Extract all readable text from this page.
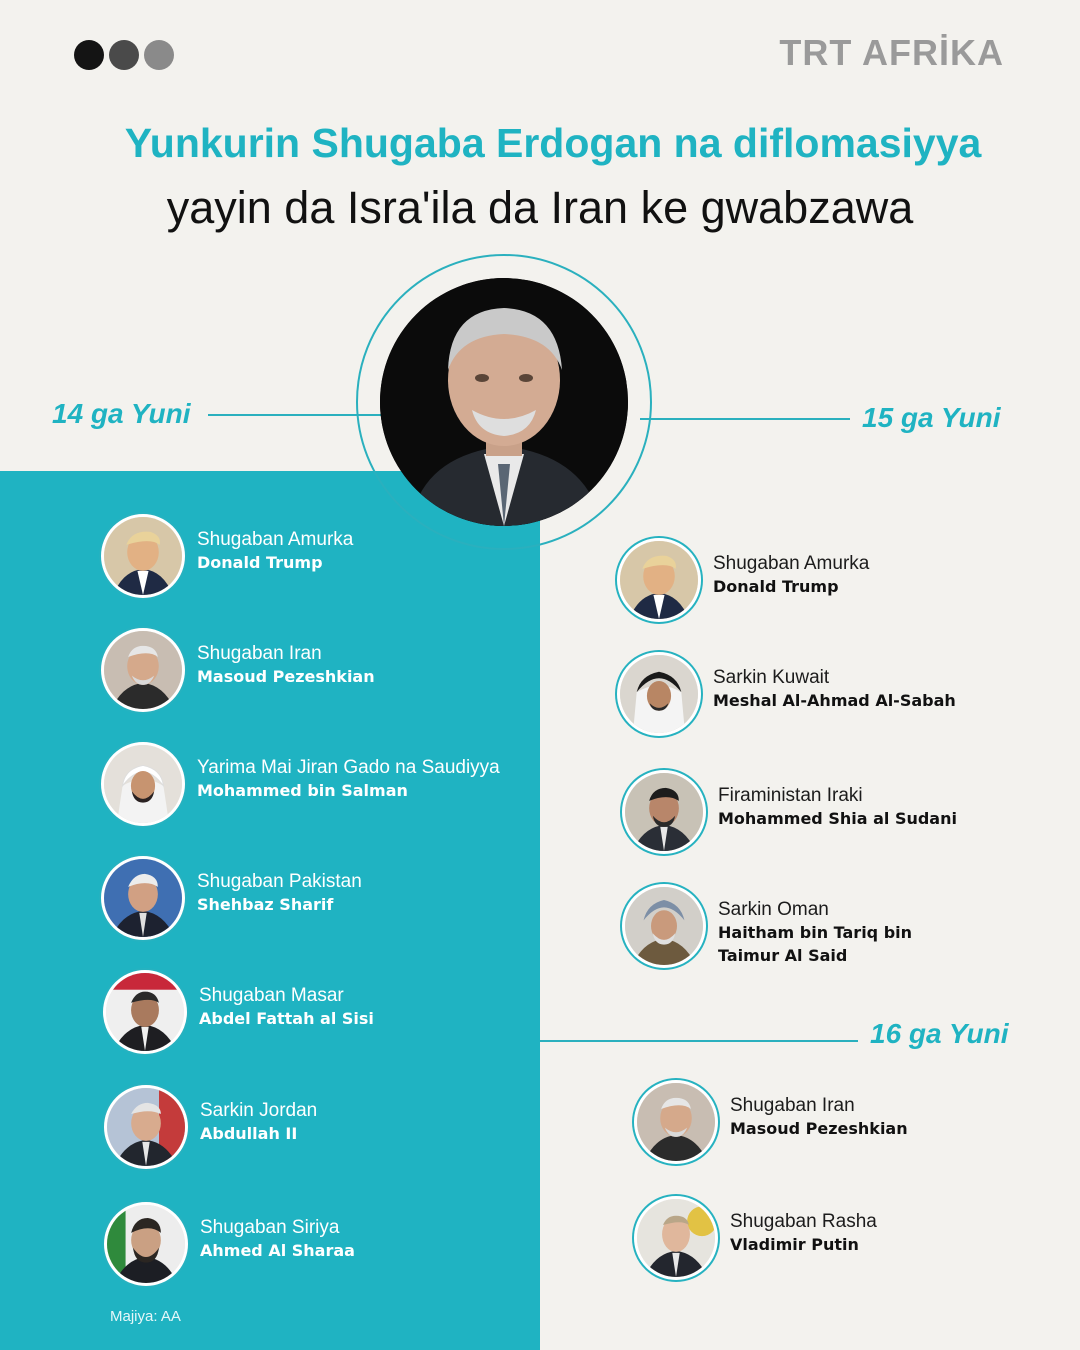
TRT AFRİKA
Yunkurin Shugaba Erdogan na diflomasiyya
yayin da Isra'ila da Iran ke gwabzawa
14 ga Yuni	15 ga Yuni
16 ga Yuni
Shugaban Amurka
Donald Trump
Shugaban Iran
Masoud Pezeshkian
Yarima Mai Jiran Gado na Saudiyya
Mohammed bin Salman
Shugaban Pakistan
Shehbaz Sharif
Shugaban Masar
Abdel Fattah al Sisi
Sarkin Jordan
Abdullah II
Shugaban Siriya
Ahmed Al Sharaa
Majiya: AA
Shugaban Amurka
Donald Trump
Sarkin Kuwait
Meshal Al-Ahmad Al-Sabah
Firaministan Iraki
Mohammed Shia al Sudani
Sarkin Oman
Haitham bin Tariq bin
Taimur Al Said
Shugaban Iran
Masoud Pezeshkian
Shugaban Rasha
Vladimir Putin
